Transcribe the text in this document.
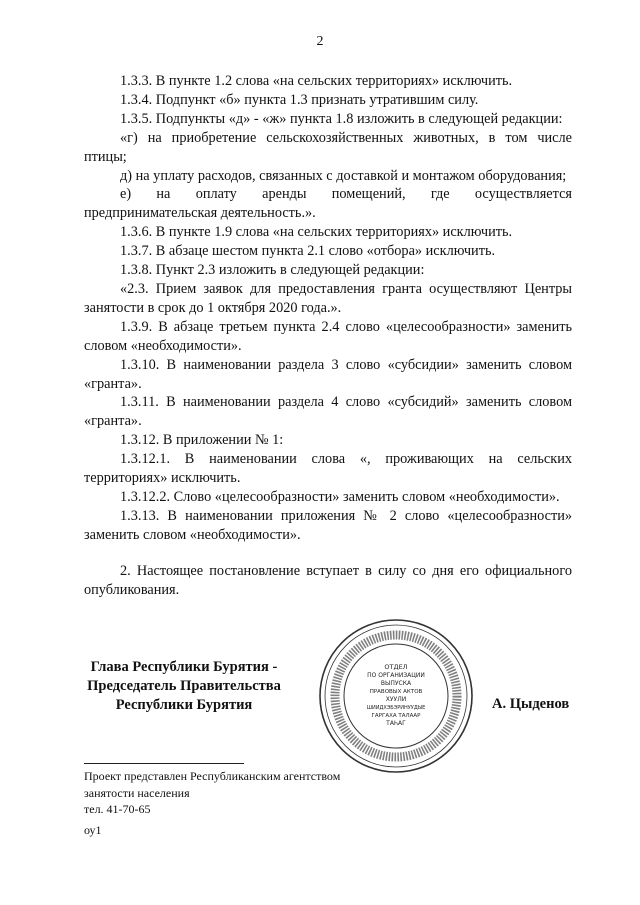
2

1.3.3. В пункте 1.2 слова «на сельских территориях» исключить.

1.3.4. Подпункт «б» пункта 1.3 признать утратившим силу.

1.3.5. Подпункты «д» - «ж» пункта 1.8 изложить в следующей редакции:

«г) на приобретение сельскохозяйственных животных, в том числе птицы;

д) на уплату расходов, связанных с доставкой и монтажом оборудования;

е) на оплату аренды помещений, где осуществляется предпринимательская деятельность.».

1.3.6. В пункте 1.9 слова «на сельских территориях» исключить.

1.3.7. В абзаце шестом пункта 2.1 слово «отбора» исключить.

1.3.8. Пункт 2.3 изложить в следующей редакции:

«2.3. Прием заявок для предоставления гранта осуществляют Центры занятости в срок до 1 октября 2020 года.».

1.3.9. В абзаце третьем пункта 2.4 слово «целесообразности» заменить словом «необходимости».

1.3.10. В наименовании раздела 3 слово «субсидии» заменить словом «гранта».

1.3.11. В наименовании раздела 4 слово «субсидий» заменить словом «гранта».

1.3.12. В приложении № 1:

1.3.12.1. В наименовании слова «, проживающих на сельских территориях» исключить.

1.3.12.2. Слово «целесообразности» заменить словом «необходимости».

1.3.13. В наименовании приложения № 2 слово «целесообразности» заменить словом «необходимости».

2. Настоящее постановление вступает в силу со дня его официального опубликования.

Глава Республики Бурятия -
Председатель Правительства
Республики Бурятия
ОТДЕЛ
ПО ОРГАНИЗАЦИИ
ВЫПУСКА
ПРАВОВЫХ АКТОВ
ХУУЛИ
ШИИДХЭБЭРИНУУДЫЕ
ГАРГАХА ТАЛААР
ТАҺАГ
А. Цыденов
Проект представлен Республиканским агентством
занятости населения
тел. 41-70-65
оу1
